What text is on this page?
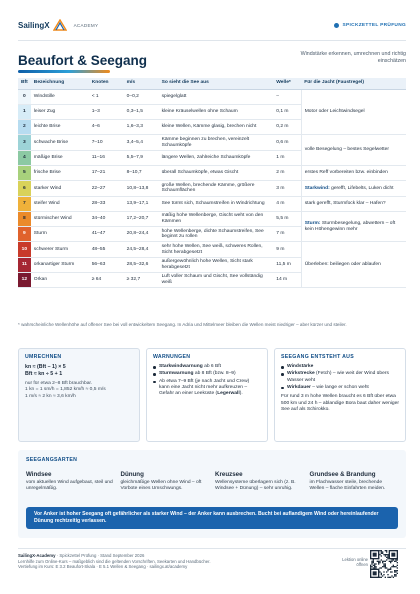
SailingX	ACADEMY	SPICKZETTEL PRÜFUNG
Beaufort & Seegang	Windstärke erkennen, umrechnen und richtig einschätzen
Bft	Bezeichnung	Knoten	m/s	So sieht die See aus	Welle*	Für die Jacht (Faustregel)
0	Windstille	< 1	0–0,2	spiegelglatt	–	Motor oder Leichtwindsegel
1	leiser Zug	1–3	0,3–1,5	kleine Kräuselwellen ohne Schaum	0,1 m	
2	leichte Brise	4–6	1,6–3,3	kleine Wellen, Kämme glasig, brechen nicht	0,2 m	
3	schwache Brise	7–10	3,4–5,4	Kämme beginnen zu brechen, vereinzelt Schaumköpfe	0,6 m	volle Besegelung – bestes Segelwetter
4	mäßige Brise	11–16	5,5–7,9	längere Wellen, zahlreiche Schaumköpfe	1 m	
5	frische Brise	17–21	8–10,7	überall Schaumköpfe, etwas Gischt	2 m	erstes Reff vorbereiten bzw. einbinden
6	starker Wind	22–27	10,8–13,8	große Wellen, brechende Kämme, größere Schaumflächen	3 m	Starkwind: gerefft, Lifebelts, Luken dicht
7	steifer Wind	28–33	13,9–17,1	See türmt sich, Schaumstreifen in Windrichtung	4 m	stark gerefft, Sturmfock klar – Hafen?
8	stürmischer Wind	34–40	17,2–20,7	mäßig hohe Wellenberge, Gischt weht von den Kämmen	5,5 m	Sturm: Sturmbesegelung, abwettern – oft kein Höhengewinn mehr
9	Sturm	41–47	20,8–24,4	hohe Wellenberge, dichte Schaumstreifen, See beginnt zu rollen	7 m	
10	schwerer Sturm	48–55	24,5–28,4	sehr hohe Wellen, See weiß, schweres Rollen, Sicht herabgesetzt	9 m	Überleben: beiliegen oder ablaufen
11	orkanartiger Sturm	56–63	28,5–32,6	außergewöhnlich hohe Wellen, Sicht stark herabgesetzt	11,5 m	
12	Orkan	≥ 64	≥ 32,7	Luft voller Schaum und Gischt, See vollständig weiß	14 m	
* wahrscheinliche Wellenhöhe auf offener See bei voll entwickeltem Seegang. In Adria und Mittelmeer bleiben die Wellen meist niedriger – aber kürzer und steiler.
UMRECHNEN
kn ≈ (Bft – 1) × 5
Bft ≈ kn ÷ 5 + 1
nur für etwa 2–8 Bft brauchbar.
1 kn = 1 sm/h = 1,852 km/h ≈ 0,5 m/s
1 m/s ≈ 2 kn ≈ 3,6 km/h
WARNUNGEN
Starkwindwarnung ab 6 Bft
Sturmwarnung ab 8 Bft (bzw. 8–9)
Ab etwa 7–9 Bft (je nach Jacht und Crew) kann eine Jacht nicht mehr aufkreuzen – Gefahr an einer Leeküste (Legerwall).
SEEGANG ENTSTEHT AUS
Windstärke
Wirkstrecke (Fetch) – wie weit der Wind übers Wasser weht
Wirkdauer – wie lange er schon weht
Für rund 3 m hohe Wellen braucht es 6 Bft über etwa 500 km und 24 h – ablandige Bora baut daher weniger See auf als Schirokko.
SEEGANGSARTEN
Windsee

vom aktuellen Wind aufgebaut, steil und unregelmäßig.

Dünung

gleichmäßige Wellen ohne Wind – oft Vorbote eines Umschwungs.

Kreuzsee

Wellensysteme überlagern sich (z. B. Windsee + Dünung) – sehr unruhig.

Grundsee & Brandung

im Flachwasser steile, brechende Wellen – flache Einfahrten meiden.

Vor Anker ist hoher Seegang oft gefährlicher als starker Wind – der Anker kann ausbrechen. Bucht bei auflandigem Wind oder hereinlaufender Dünung rechtzeitig verlassen.
SailingX-Academy · Spickzettel Prüfung · Stand September 2026
Lernhilfe zum Online-Kurs – maßgeblich sind die geltenden Vorschriften, Seekarten und Handbücher.
Vertiefung im Kurs: E 3.2 Beaufort-Skala · E 5.1 Wellen & Seegang · sailingx.at/academy
Lektion online öffnen
